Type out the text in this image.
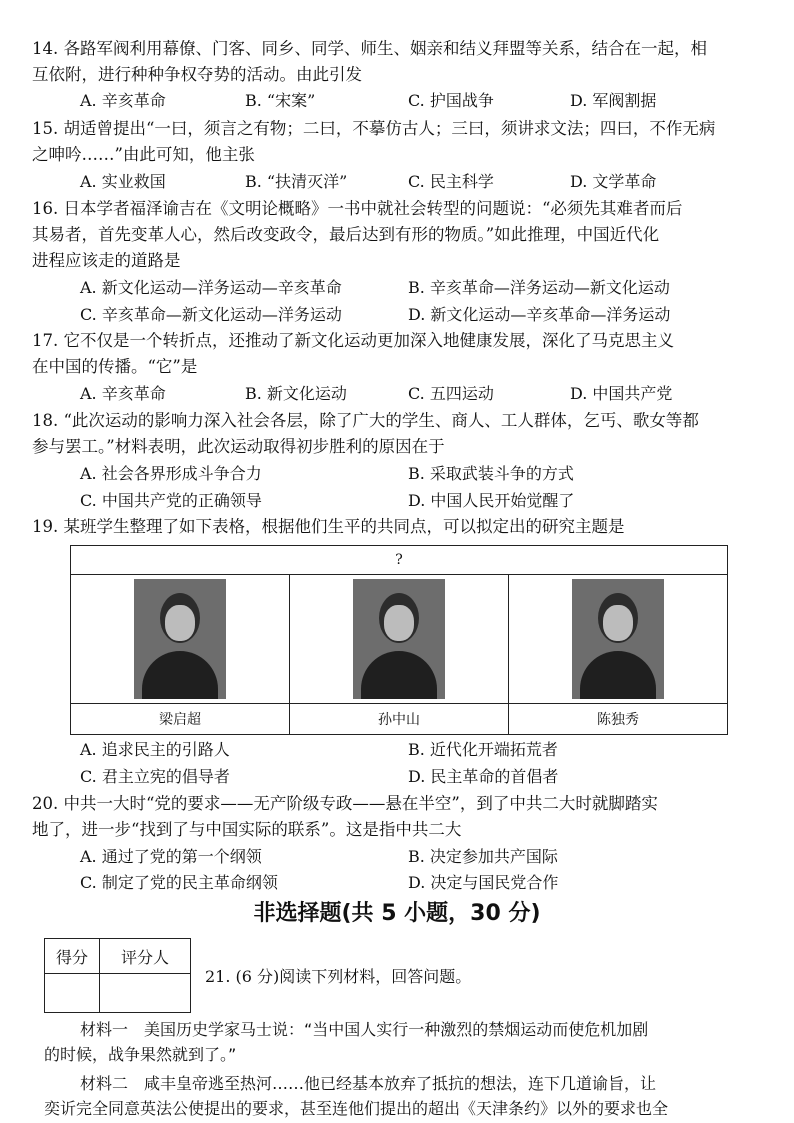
14. 各路军阀利用幕僚、门客、同乡、同学、师生、姻亲和结义拜盟等关系，结合在一起，相
互依附，进行种种争权夺势的活动。由此引发
A. 辛亥革命	B. “宋案”	C. 护国战争	D. 军阀割据
15. 胡适曾提出“一曰，须言之有物；二曰，不摹仿古人；三曰，须讲求文法；四曰，不作无病
之呻吟……”由此可知，他主张
A. 实业救国	B. “扶清灭洋”	C. 民主科学	D. 文学革命
16. 日本学者福泽谕吉在《文明论概略》一书中就社会转型的问题说：“必须先其难者而后
其易者，首先变革人心，然后改变政令，最后达到有形的物质。”如此推理，中国近代化
进程应该走的道路是
A. 新文化运动—洋务运动—辛亥革命	B. 辛亥革命—洋务运动—新文化运动
C. 辛亥革命—新文化运动—洋务运动	D. 新文化运动—辛亥革命—洋务运动
17. 它不仅是一个转折点，还推动了新文化运动更加深入地健康发展，深化了马克思主义
在中国的传播。“它”是
A. 辛亥革命	B. 新文化运动	C. 五四运动	D. 中国共产党
18. “此次运动的影响力深入社会各层，除了广大的学生、商人、工人群体，乞丐、歌女等都
参与罢工。”材料表明，此次运动取得初步胜利的原因在于
A. 社会各界形成斗争合力	B. 采取武装斗争的方式
C. 中国共产党的正确领导	D. 中国人民开始觉醒了
19. 某班学生整理了如下表格，根据他们生平的共同点，可以拟定出的研究主题是
?		

梁启超	孙中山	陈独秀
A. 追求民主的引路人	B. 近代化开端拓荒者
C. 君主立宪的倡导者	D. 民主革命的首倡者
20. 中共一大时“党的要求——无产阶级专政——悬在半空”，到了中共二大时就脚踏实
地了，进一步“找到了与中国实际的联系”。这是指中共二大
A. 通过了党的第一个纲领	B. 决定参加共产国际
C. 制定了党的民主革命纲领	D. 决定与国民党合作
非选择题(共 5 小题，30 分)
得分	评分人

21. (6 分)阅读下列材料，回答问题。
材料一　美国历史学家马士说：“当中国人实行一种激烈的禁烟运动而使危机加剧
的时候，战争果然就到了。”
材料二　咸丰皇帝逃至热河……他已经基本放弃了抵抗的想法，连下几道谕旨，让
奕䜣完全同意英法公使提出的要求，甚至连他们提出的超出《天津条约》以外的要求也全
